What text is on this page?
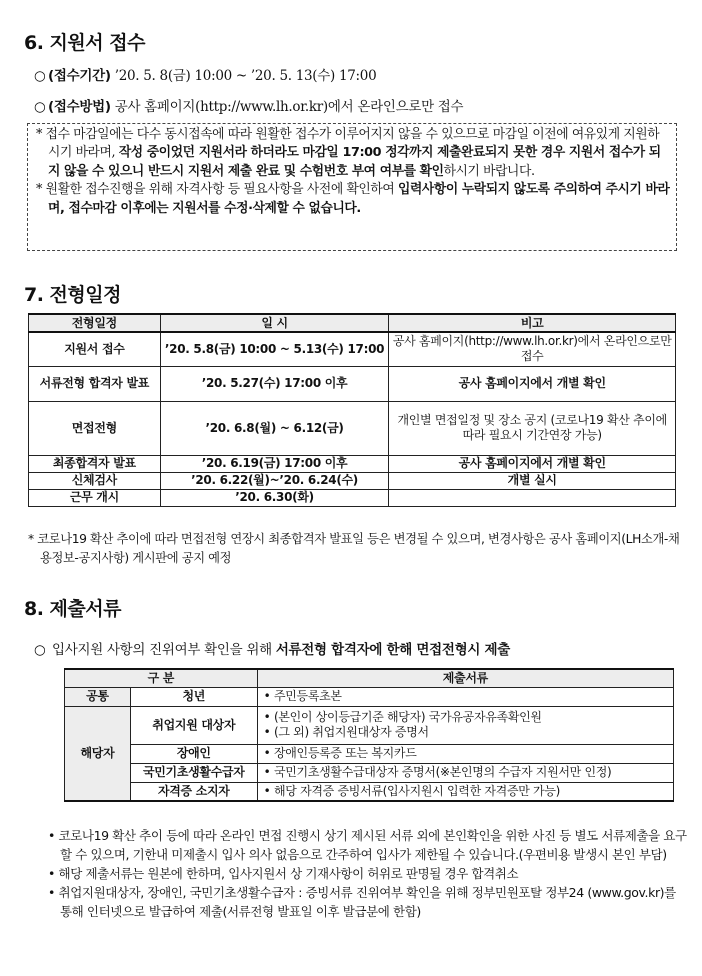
6. 지원서 접수
○ (접수기간) ’20. 5. 8(금) 10:00 ~ ’20. 5. 13(수) 17:00
○ (접수방법) 공사 홈페이지(http://www.lh.or.kr)에서 온라인으로만 접수

* 접수 마감일에는 다수 동시접속에 따라 원활한 접수가 이루어지지 않을 수 있으므로 마감일 이전에 여유있게 지원하시기 바라며, 작성 중이었던 지원서라 하더라도 마감일 17:00 정각까지 제출완료되지 못한 경우 지원서 접수가 되지 않을 수 있으니 반드시 지원서 제출 완료 및 수험번호 부여 여부를 확인하시기 바랍니다.

* 원활한 접수진행을 위해 자격사항 등 필요사항을 사전에 확인하여 입력사항이 누락되지 않도록 주의하여 주시기 바라며, 접수마감 이후에는 지원서를 수정·삭제할 수 없습니다.

7. 전형일정
전형일정	일 시	비고
지원서 접수	’20. 5.8(금) 10:00 ~ 5.13(수) 17:00	공사 홈페이지(http://www.lh.or.kr)에서 온라인으로만 접수
서류전형 합격자 발표	’20. 5.27(수) 17:00 이후	공사 홈페이지에서 개별 확인
면접전형	’20. 6.8(월) ~ 6.12(금)	개인별 면접일정 및 장소 공지 (코로나19 확산 추이에 따라 필요시 기간연장 가능)
최종합격자 발표	’20. 6.19(금) 17:00 이후	공사 홈페이지에서 개별 확인
신체검사	’20. 6.22(월)~’20. 6.24(수)	개별 실시
근무 개시	’20. 6.30(화)	
* 코로나19 확산 추이에 따라 면접전형 연장시 최종합격자 발표일 등은 변경될 수 있으며, 변경사항은 공사 홈페이지(LH소개-채용정보-공지사항) 게시판에 공지 예정
8. 제출서류
○ 입사지원 사항의 진위여부 확인을 위해 서류전형 합격자에 한해 면접전형시 제출
구 분		제출서류
공통	청년	• 주민등록초본
해당자	취업지원 대상자	• (본인이 상이등급기준 해당자) 국가유공자유족확인원
• (그 외) 취업지원대상자 증명서

	장애인	• 장애인등록증 또는 복지카드
	국민기초생활수급자	• 국민기초생활수급대상자 증명서(※본인명의 수급자 지원서만 인정)
	자격증 소지자	• 해당 자격증 증빙서류(입사지원시 입력한 자격증만 가능)

• 코로나19 확산 추이 등에 따라 온라인 면접 진행시 상기 제시된 서류 외에 본인확인을 위한 사진 등 별도 서류제출을 요구할 수 있으며, 기한내 미제출시 입사 의사 없음으로 간주하여 입사가 제한될 수 있습니다.(우편비용 발생시 본인 부담)

• 해당 제출서류는 원본에 한하며, 입사지원서 상 기재사항이 허위로 판명될 경우 합격취소

• 취업지원대상자, 장애인, 국민기초생활수급자 : 증빙서류 진위여부 확인을 위해 정부민원포탈 정부24 (www.gov.kr)를 통해 인터넷으로 발급하여 제출(서류전형 발표일 이후 발급분에 한함)
